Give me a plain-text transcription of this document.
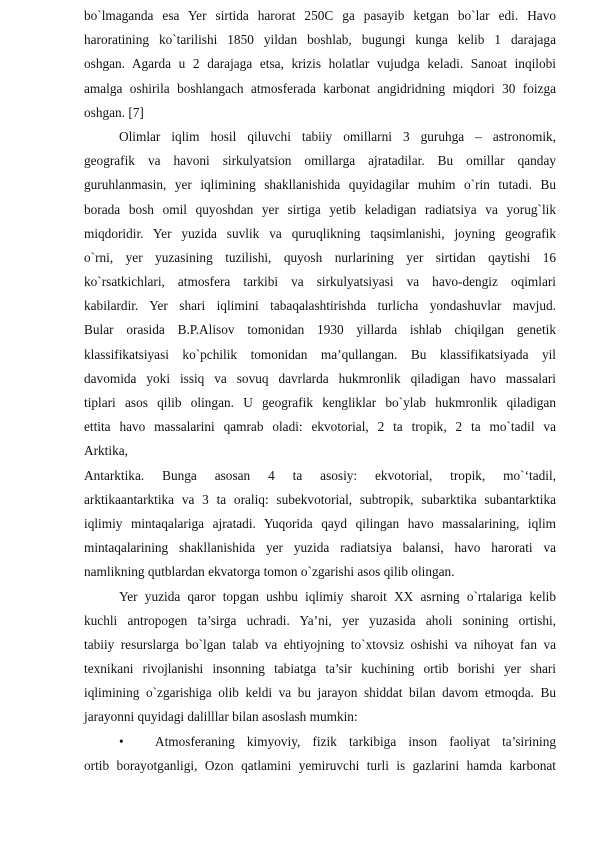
bo`lmaganda esa Yer sirtida harorat 250C ga pasayib ketgan bo`lar edi. Havo
haroratining ko`tarilishi 1850 yildan boshlab, bugungi kunga kelib 1 darajaga
oshgan. Agarda u 2 darajaga etsa, krizis holatlar vujudga keladi. Sanoat inqilobi
amalga oshirila boshlangach atmosferada karbonat angidridning miqdori 30 foizga
oshgan. [7]
Olimlar iqlim hosil qiluvchi tabiiy omillarni 3 guruhga – astronomik,
geografik va havoni sirkulyatsion omillarga ajratadilar. Bu omillar qanday
guruhlanmasin, yer iqlimining shakllanishida quyidagilar muhim o`rin tutadi. Bu
borada bosh omil quyoshdan yer sirtiga yetib keladigan radiatsiya va yorug`lik
miqdoridir. Yer yuzida suvlik va quruqlikning taqsimlanishi, joyning geografik
o`rni, yer yuzasining tuzilishi, quyosh nurlarining yer sirtidan qaytishi 16
ko`rsatkichlari, atmosfera tarkibi va sirkulyatsiyasi va havo-dengiz oqimlari
kabilardir. Yer shari iqlimini tabaqalashtirishda turlicha yondashuvlar mavjud.
Bular orasida B.P.Alisov tomonidan 1930 yillarda ishlab chiqilgan genetik
klassifikatsiyasi ko`pchilik tomonidan ma’qullangan. Bu klassifikatsiyada yil
davomida yoki issiq va sovuq davrlarda hukmronlik qiladigan havo massalari
tiplari asos qilib olingan. U geografik kengliklar bo`ylab hukmronlik qiladigan
ettita havo massalarini qamrab oladi: ekvotorial, 2 ta tropik, 2 ta mo`tadil va
Arktika,
Antarktika. Bunga asosan 4 ta asosiy: ekvotorial, tropik, mo`‘tadil,
arktikaantarktika va 3 ta oraliq: subekvotorial, subtropik, subarktika subantarktika
iqlimiy mintaqalariga ajratadi. Yuqorida qayd qilingan havo massalarining, iqlim
mintaqalarining shakllanishida yer yuzida radiatsiya balansi, havo harorati va
namlikning qutblardan ekvatorga tomon o`zgarishi asos qilib olingan.
Yer yuzida qaror topgan ushbu iqlimiy sharoit XX asrning o`rtalariga kelib
kuchli antropogen ta’sirga uchradi. Ya’ni, yer yuzasida aholi sonining ortishi,
tabiiy resurslarga bo`lgan talab va ehtiyojning to`xtovsiz oshishi va nihoyat fan va
texnikani rivojlanishi insonning tabiatga ta’sir kuchining ortib borishi yer shari
iqlimining o`zgarishiga olib keldi va bu jarayon shiddat bilan davom etmoqda. Bu
jarayonni quyidagi dalilllar bilan asoslash mumkin:
• Atmosferaning kimyoviy, fizik tarkibiga inson faoliyat ta’sirining
ortib borayotganligi, Ozon qatlamini yemiruvchi turli is gazlarini hamda karbonat
